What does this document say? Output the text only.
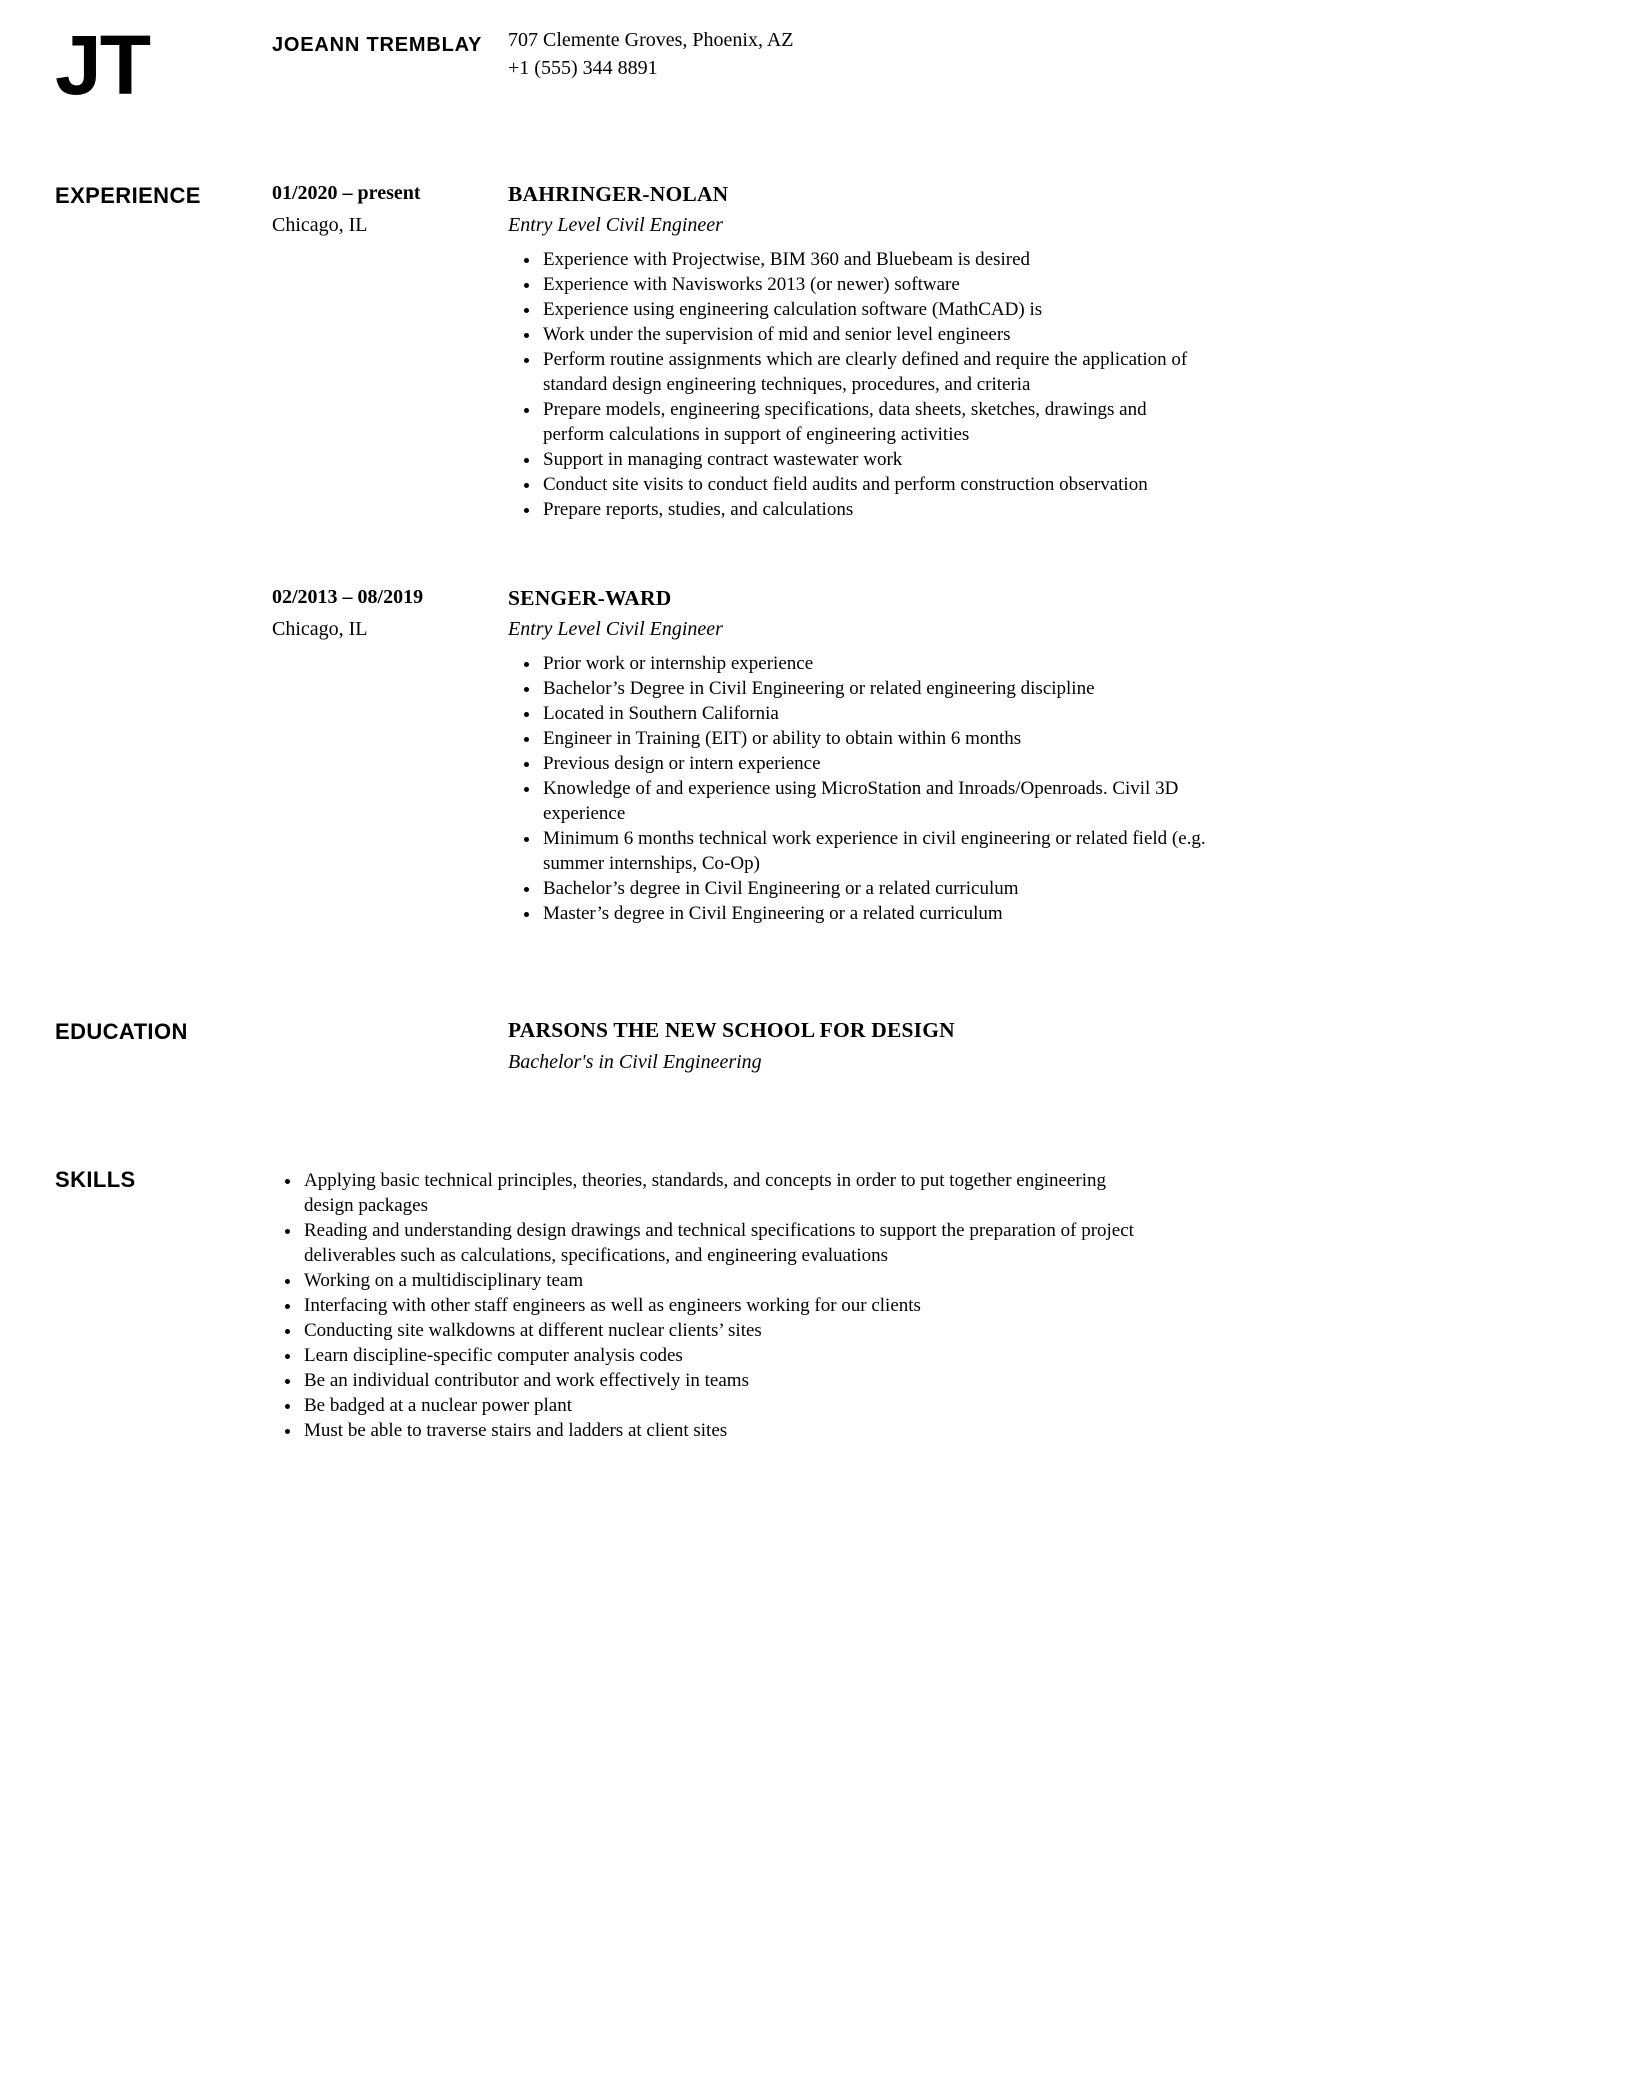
JT	JOEANN TREMBLAY	707 Clemente Groves, Phoenix, AZ
+1 (555) 344 8891
EXPERIENCE	01/2020 – present
Chicago, IL
BAHRINGER-NOLAN
Entry Level Civil Engineer
• Experience with Projectwise, BIM 360 and Bluebeam is desired
• Experience with Navisworks 2013 (or newer) software
• Experience using engineering calculation software (MathCAD) is
• Work under the supervision of mid and senior level engineers
• Perform routine assignments which are clearly defined and require the application of standard design engineering techniques, procedures, and criteria
• Prepare models, engineering specifications, data sheets, sketches, drawings and perform calculations in support of engineering activities
• Support in managing contract wastewater work
• Conduct site visits to conduct field audits and perform construction observation
• Prepare reports, studies, and calculations
02/2013 – 08/2019
Chicago, IL
SENGER-WARD
Entry Level Civil Engineer
• Prior work or internship experience
• Bachelor’s Degree in Civil Engineering or related engineering discipline
• Located in Southern California
• Engineer in Training (EIT) or ability to obtain within 6 months
• Previous design or intern experience
• Knowledge of and experience using MicroStation and Inroads/Openroads. Civil 3D experience
• Minimum 6 months technical work experience in civil engineering or related field (e.g. summer internships, Co-Op)
• Bachelor’s degree in Civil Engineering or a related curriculum
• Master’s degree in Civil Engineering or a related curriculum
EDUCATION	PARSONS THE NEW SCHOOL FOR DESIGN
Bachelor's in Civil Engineering
SKILLS	• Applying basic technical principles, theories, standards, and concepts in order to put together engineering design packages
• Reading and understanding design drawings and technical specifications to support the preparation of project deliverables such as calculations, specifications, and engineering evaluations
• Working on a multidisciplinary team
• Interfacing with other staff engineers as well as engineers working for our clients
• Conducting site walkdowns at different nuclear clients’ sites
• Learn discipline-specific computer analysis codes
• Be an individual contributor and work effectively in teams
• Be badged at a nuclear power plant
• Must be able to traverse stairs and ladders at client sites
